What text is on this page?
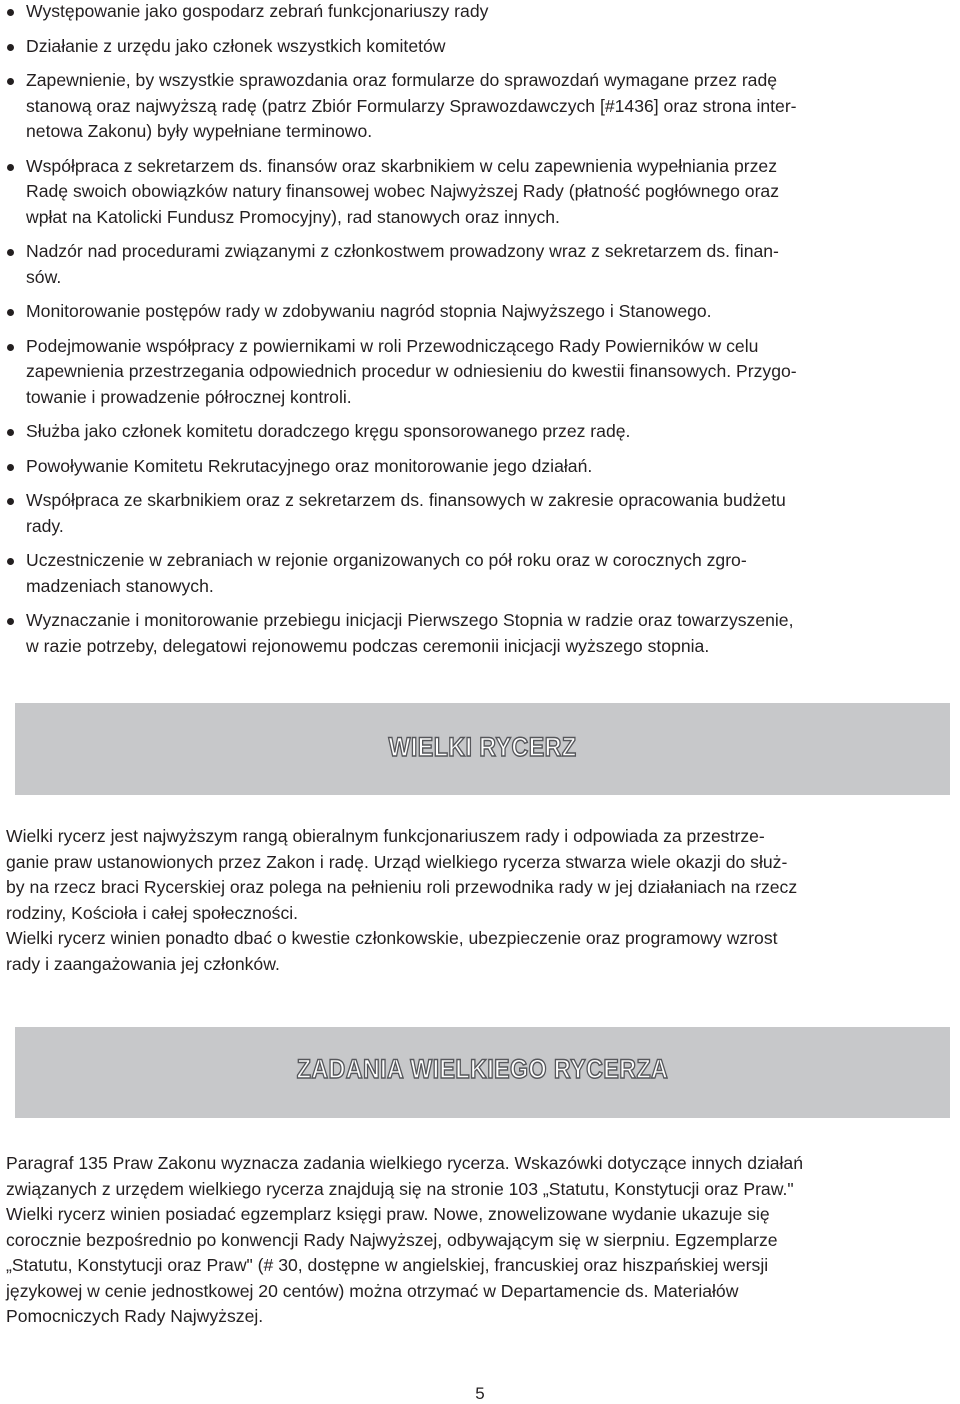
Występowanie jako gospodarz zebrań funkcjonariuszy rady
Działanie z urzędu jako członek wszystkich komitetów
Zapewnienie, by wszystkie sprawozdania oraz formularze do sprawozdań wymagane przez radę
stanową oraz najwyższą radę (patrz Zbiór Formularzy Sprawozdawczych [#1436] oraz strona inter-
netowa Zakonu) były wypełniane terminowo.
Współpraca z sekretarzem ds. finansów oraz skarbnikiem w celu zapewnienia wypełniania przez
Radę swoich obowiązków natury finansowej wobec Najwyższej Rady (płatność pogłównego oraz
wpłat na Katolicki Fundusz Promocyjny), rad stanowych oraz innych.
Nadzór nad procedurami związanymi z członkostwem prowadzony wraz z sekretarzem ds. finan-
sów.
Monitorowanie postępów rady w zdobywaniu nagród stopnia Najwyższego i Stanowego.
Podejmowanie współpracy z powiernikami w roli Przewodniczącego Rady Powierników w celu
zapewnienia przestrzegania odpowiednich procedur w odniesieniu do kwestii finansowych. Przygo-
towanie i prowadzenie półrocznej kontroli.
Służba jako członek komitetu doradczego kręgu sponsorowanego przez radę.
Powoływanie Komitetu Rekrutacyjnego oraz monitorowanie jego działań.
Współpraca ze skarbnikiem oraz z sekretarzem ds. finansowych w zakresie opracowania budżetu
rady.
Uczestniczenie w zebraniach w rejonie organizowanych co pół roku oraz w corocznych zgro-
madzeniach stanowych.
Wyznaczanie i monitorowanie przebiegu inicjacji Pierwszego Stopnia w radzie oraz towarzyszenie,
w razie potrzeby, delegatowi rejonowemu podczas ceremonii inicjacji wyższego stopnia.
WIELKI RYCERZ
Wielki rycerz jest najwyższym rangą obieralnym funkcjonariuszem rady i odpowiada za przestrze-
ganie praw ustanowionych przez Zakon i radę. Urząd wielkiego rycerza stwarza wiele okazji do służ-
by na rzecz braci Rycerskiej oraz polega na pełnieniu roli przewodnika rady w jej działaniach na rzecz
rodziny, Kościoła i całej społeczności.
Wielki rycerz winien ponadto dbać o kwestie członkowskie, ubezpieczenie oraz programowy wzrost
rady i zaangażowania jej członków.
ZADANIA WIELKIEGO RYCERZA
Paragraf 135 Praw Zakonu wyznacza zadania wielkiego rycerza. Wskazówki dotyczące innych działań
związanych z urzędem wielkiego rycerza znajdują się na stronie 103 „Statutu, Konstytucji oraz Praw."
Wielki rycerz winien posiadać egzemplarz księgi praw. Nowe, znowelizowane wydanie ukazuje się
corocznie bezpośrednio po konwencji Rady Najwyższej, odbywającym się w sierpniu. Egzemplarze
„Statutu, Konstytucji oraz Praw" (# 30, dostępne w angielskiej, francuskiej oraz hiszpańskiej wersji
językowej w cenie jednostkowej 20 centów) można otrzymać w Departamencie ds. Materiałów
Pomocniczych Rady Najwyższej.
5
